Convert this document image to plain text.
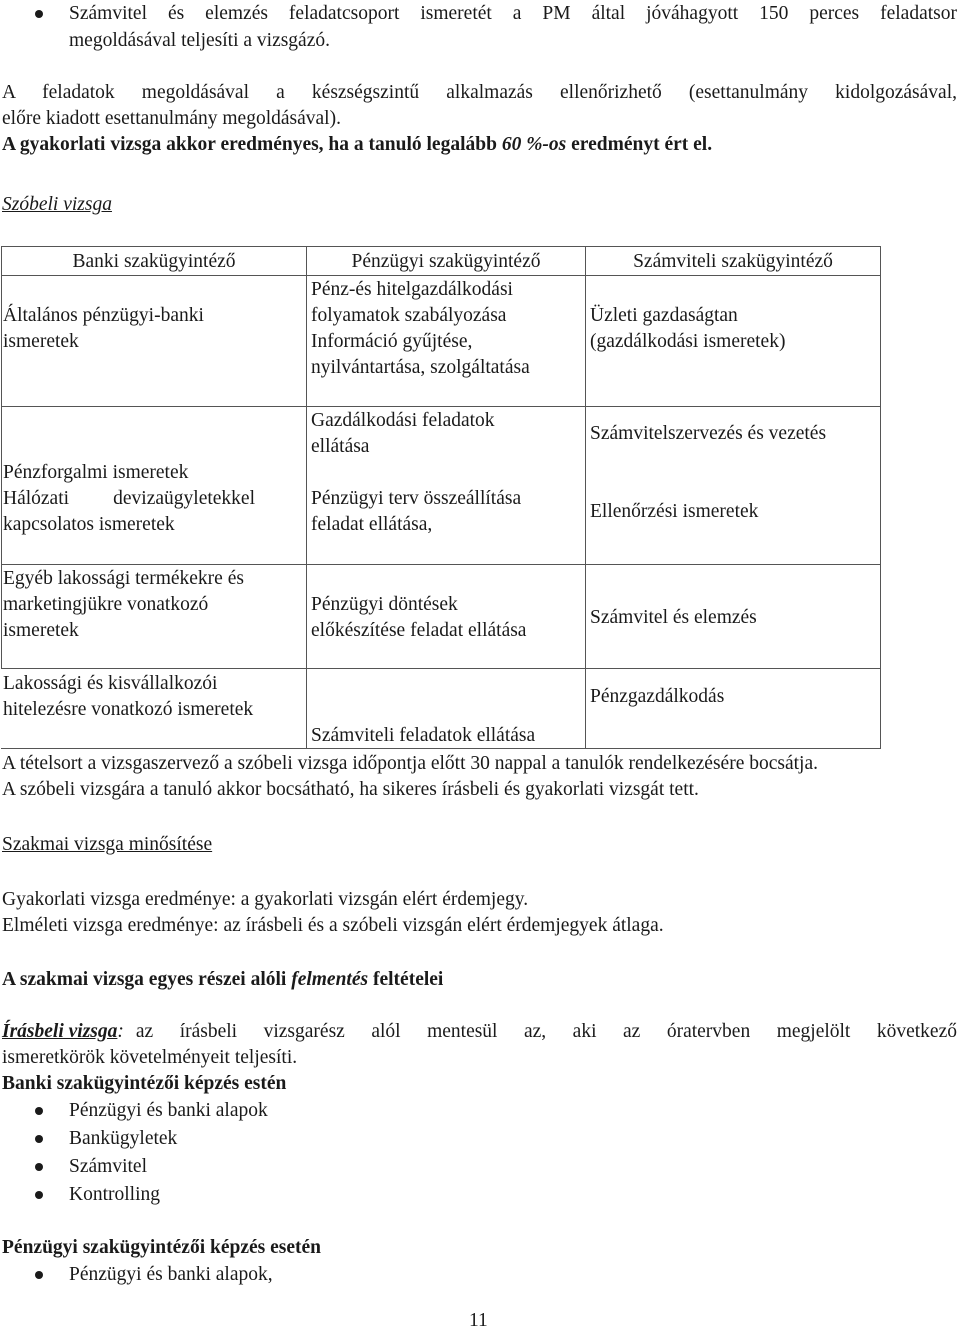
Számvitel és elemzés feladatcsoport ismeretét a PM által jóváhagyott 150 perces feladatsor
megoldásával teljesíti a vizsgázó.
A feladatok megoldásával a készségszintű alkalmazás ellenőrizhető (esettanulmány kidolgozásával,
előre kiadott esettanulmány megoldásával).
A gyakorlati vizsga akkor eredményes, ha a tanuló legalább 60 %-os eredményt ért el.
Szóbeli vizsga
Banki szakügyintéző	Pénzügyi szakügyintéző	Számviteli szakügyintéző
Általános pénzügyi-banki
ismeretek
Pénz-és hitelgazdálkodási
folyamatok szabályozása
Információ gyűjtése,
nyilvántartása, szolgáltatása
Üzleti gazdaságtan
(gazdálkodási ismeretek)
Pénzforgalmi ismeretek
Hálózati devizaügyletekkel
kapcsolatos ismeretek
Gazdálkodási feladatok
ellátása
Pénzügyi terv összeállítása
feladat ellátása,
Számvitelszervezés és vezetés
Ellenőrzési ismeretek
Egyéb lakossági termékekre és
marketingjükre vonatkozó
ismeretek
Pénzügyi döntések
előkészítése feladat ellátása
Számvitel és elemzés
Lakossági és kisvállalkozói
hitelezésre vonatkozó ismeretek
Számviteli feladatok ellátása
Pénzgazdálkodás
A tételsort a vizsgaszervező a szóbeli vizsga időpontja előtt 30 nappal a tanulók rendelkezésére bocsátja.
A szóbeli vizsgára a tanuló akkor bocsátható, ha sikeres írásbeli és gyakorlati vizsgát tett.
Szakmai vizsga minősítése
Gyakorlati vizsga eredménye: a gyakorlati vizsgán elért érdemjegy.
Elméleti vizsga eredménye: az írásbeli és a szóbeli vizsgán elért érdemjegyek átlaga.
A szakmai vizsga egyes részei alóli felmentés feltételei
Írásbeli vizsga : az írásbeli vizsgarész alól mentesül az, aki az óratervben megjelölt következő
ismeretkörök követelményeit teljesíti.
Banki szakügyintézői képzés estén
Pénzügyi és banki alapok
Bankügyletek
Számvitel
Kontrolling
Pénzügyi szakügyintézői képzés esetén
Pénzügyi és banki alapok,
11
